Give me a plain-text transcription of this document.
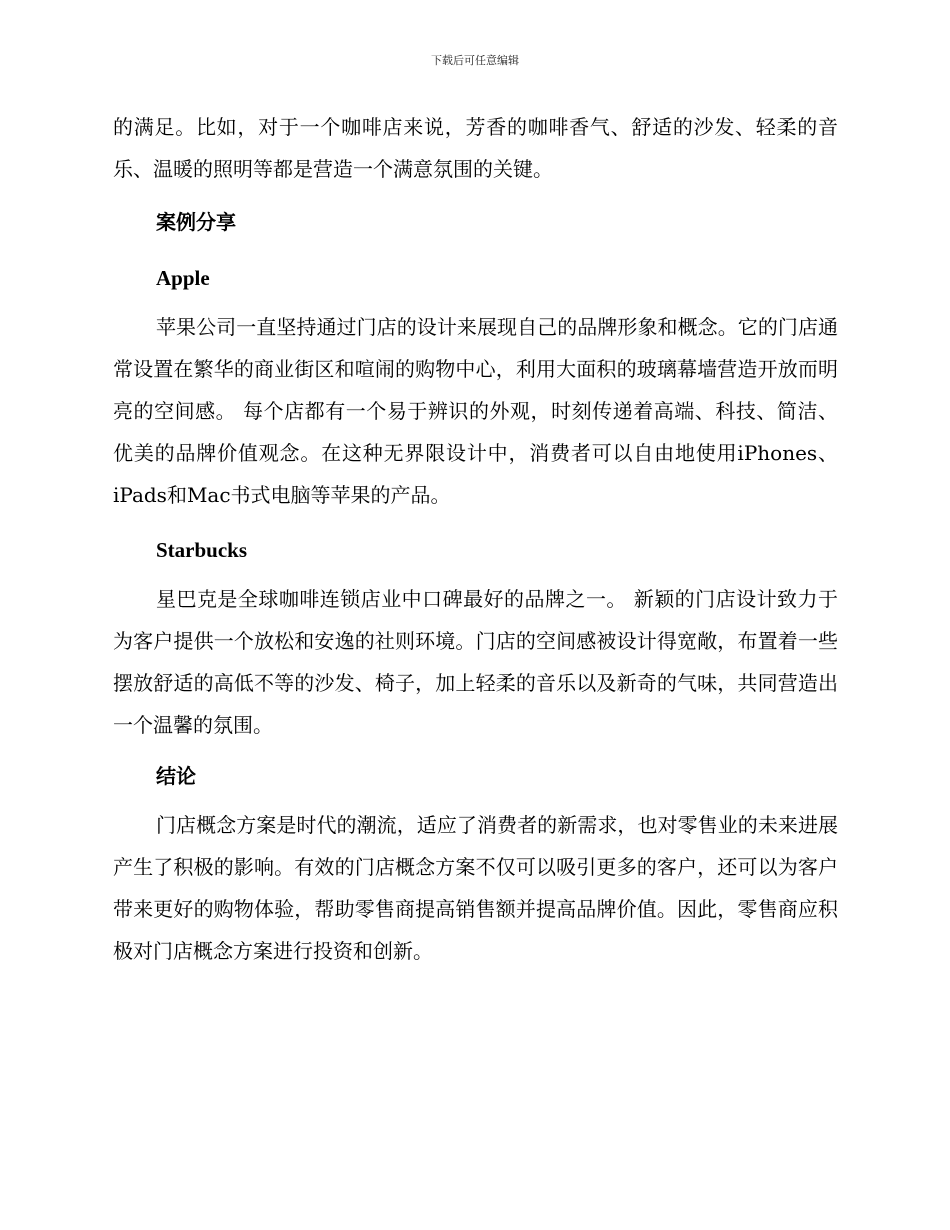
下载后可任意编辑

的满足。比如，对于一个咖啡店来说，芳香的咖啡香气、舒适的沙发、轻柔的音乐、温暖的照明等都是营造一个满意氛围的关键。

案例分享

Apple

苹果公司一直坚持通过门店的设计来展现自己的品牌形象和概念。它的门店通常设置在繁华的商业街区和喧闹的购物中心，利用大面积的玻璃幕墙营造开放而明亮的空间感。 每个店都有一个易于辨识的外观，时刻传递着高端、科技、简洁、优美的品牌价值观念。在这种无界限设计中，消费者可以自由地使用iPhones、iPads和Mac书式电脑等苹果的产品。

Starbucks

星巴克是全球咖啡连锁店业中口碑最好的品牌之一。 新颖的门店设计致力于为客户提供一个放松和安逸的社则环境。门店的空间感被设计得宽敞，布置着一些摆放舒适的高低不等的沙发、椅子，加上轻柔的音乐以及新奇的气味，共同营造出一个温馨的氛围。

结论

门店概念方案是时代的潮流，适应了消费者的新需求，也对零售业的未来进展产生了积极的影响。有效的门店概念方案不仅可以吸引更多的客户，还可以为客户带来更好的购物体验，帮助零售商提高销售额并提高品牌价值。因此，零售商应积极对门店概念方案进行投资和创新。
